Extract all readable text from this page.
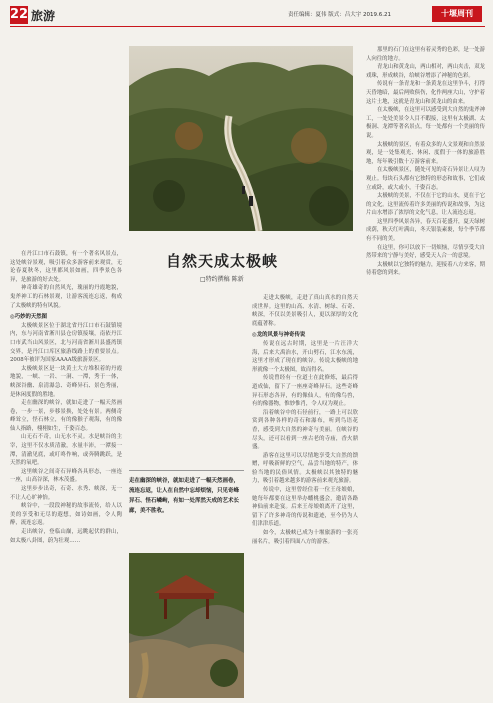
22 旅游	责任编辑：夏伟 版式：吕大宇 2019.6.21	十堰周刊
自然天成太极峡
□特约撰稿 陈新

在丹江口市石鼓镇，有一个著名风景点，这处峡谷景观，吸引着众多游客前来观赏，无论春夏秋冬，这里都风景如画，四季景色各异，是旅游的好去处。

神奇雄奇的自然风光，瑰丽的丹霞地貌，鬼斧神工的石林景观，让游客流连忘返，构成了太极峡的特有风貌。

◎巧妙的天然图

太极峡景区位于湖北省丹江口市石鼓镇境内，东与河南省淅川县仓房镇接壤，南依丹江口市武当山风景区，北与河南省淅川县盛湾镇交界，是丹江口库区旅游线路上的重要景点。2008年被评为国家AAAA级旅游景区。

太极峡景区是一块黄土大方堆积着的丹霞地貌，一峡、一岩、一洞、一潭，秀于一体，峡深谷幽、泉清瀑急、奇峰异石、景色秀丽，是休闲度假的胜地。

走在幽深的峡谷，就如走进了一幅天然画卷，一步一景，步移景换，处处有景。两侧奇峰耸立，怪石林立，有的像猴子观海，有的像仙人指路，栩栩如生，千姿百态。

山无石不奇，山无水不灵。水是峡谷的主宰，这里不仅水质清澈，水量丰沛，一潭接一潭，清澈见底，或叮咚作响，或奔腾跳跃，是天然的氧吧。

这里峡谷之间奇石异峰各具形态，一座连一座，山高谷深，林木茂盛。

这里步步出奇，石奇、水秀、峡深，无一不让人心旷神怡。

峡谷中，一段段神秘的故事流传，给人以美的享受和无尽的遐想，如诗如画，令人陶醉，流连忘返。

走出峡谷，登临山巅，远眺起伏的群山，如太极八卦图，蔚为壮观……

走进太极峡，走进了真山真水的自然天成世界。这里的山高、水清、树绿、石奇、峡深，不仅以美景吸引人，更以深厚的文化底蕴著称。

◎龙的风景与神奇传说

传说在远古时期，这里是一片汪洋大海，后来大禹治水，开山劈石，江水东流，这里才形成了现在的峡谷。传说太极峡的地形就像一个太极图，故而得名。

传说曾经有一位道士在此修炼，最后得道成仙，留下了一座座奇峰异石。这些奇峰异石形态各异，有的像仙人，有的像鸟兽，有的像器物，惟妙惟肖，令人叹为观止。

沿着峡谷中的石径前行，一路上可以欣赏到各种各样的奇石和瀑布，听到鸟语花香，感受到大自然的神奇与美丽。在峡谷的尽头，还可以看到一座古老的寺庙，香火鼎盛。

游客在这里可以尽情地享受大自然的馈赠，呼吸新鲜的空气，品尝当地的特产，体验当地的民俗风情。太极峡以其独特的魅力，吸引着越来越多的游客前来观光旅游。

传说中，这里曾经住着一位王母娘娘，她每年都要在这里举办蟠桃盛会，邀请各路神仙前来赴宴。后来王母娘娘离开了这里，留下了许多神奇的传说和遗迹，至今仍为人们津津乐道。

如今，太极峡已成为十堰旅游的一张亮丽名片，吸引着四面八方的游客。

那里的石门在这里有着灵秀的色彩，是一处游人向往的地方。

青龙山和黄龙山，两山相对，两山夹击，双龙戏珠，形成峡谷，给峡谷增添了神秘的色彩。

传说有一条青龙和一条黄龙在这里争斗，打得天昏地暗，最后两败俱伤，化作两座大山，守护着这片土地，这就是青龙山和黄龙山的由来。

在太极峡，在这里可以感受到大自然的鬼斧神工，一处处美景令人目不暇接，这里有太极湖、太极洞、龙潭等著名景点，每一处都有一个美丽的传说。

太极峡的景区，有着众多的人文景观和自然景观，是一处集观光、休闲、度假于一体的旅游胜地，每年吸引数十万游客前来。

在太极峡景区，随处可见的奇石异景让人叹为观止。每块石头都有它独特的形态和故事，它们或立或卧，或大或小，千姿百态。

太极峡的美景，不仅在于它的山水，更在于它的文化。这里流传着许多美丽的传说和故事，为这片山水增添了浓厚的文化气息，让人流连忘返。

这里四季风景各异，春天百花盛开，夏天绿树成荫，秋天红叶满山，冬天银装素裹，每个季节都有不同的美。

在这里，你可以放下一切烦恼，尽情享受大自然带来的宁静与美好，感受天人合一的意境。

太极峡以它独特的魅力，迎接着八方来客，期待着您的到来。

走在幽深的峡谷，就如走进了一幅天然画卷，流连忘返，让人在自然中忘却烦恼，只见奇峰异石、怪石嶙峋，有如一处浑然天成的艺术长廊，美不胜收。
